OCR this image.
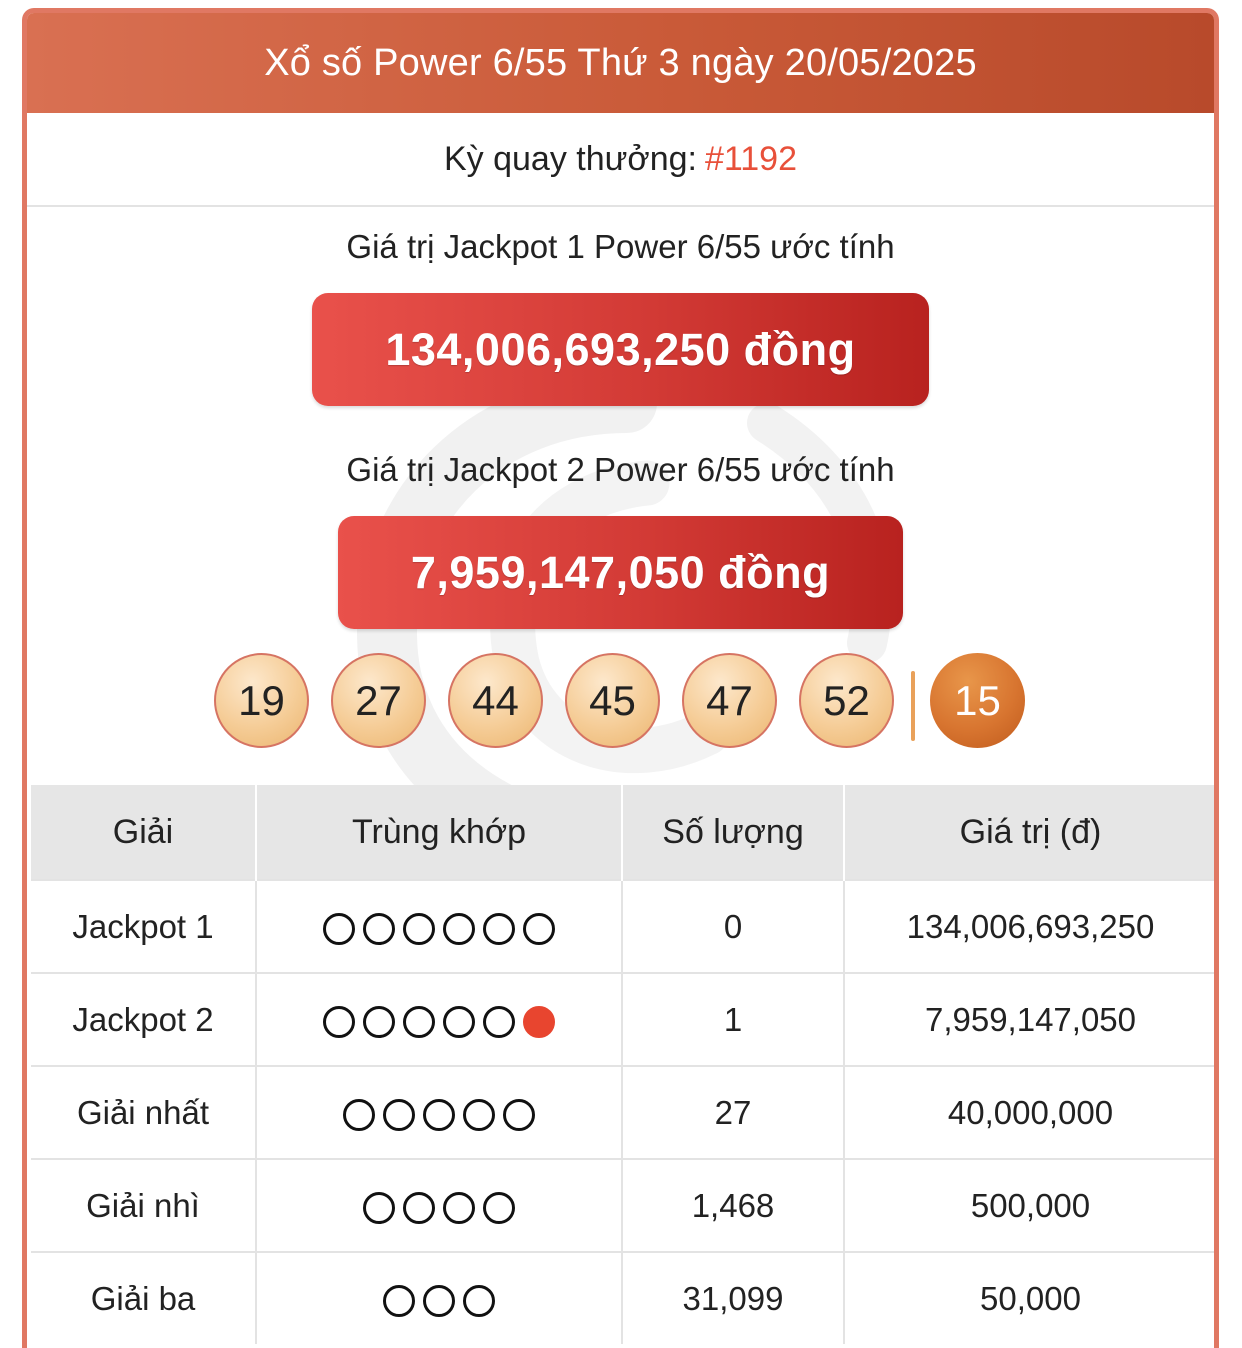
Xổ số Power 6/55 Thứ 3 ngày 20/05/2025
Kỳ quay thưởng: #1192
Giá trị Jackpot 1 Power 6/55 ước tính
134,006,693,250 đồng
Giá trị Jackpot 2 Power 6/55 ước tính
7,959,147,050 đồng
19	27	44	45	47	52	15
Giải	Trùng khớp	Số lượng	Giá trị (đ)
Jackpot 1		0	134,006,693,250
Jackpot 2		1	7,959,147,050
Giải nhất		27	40,000,000
Giải nhì		1,468	500,000
Giải ba		31,099	50,000
